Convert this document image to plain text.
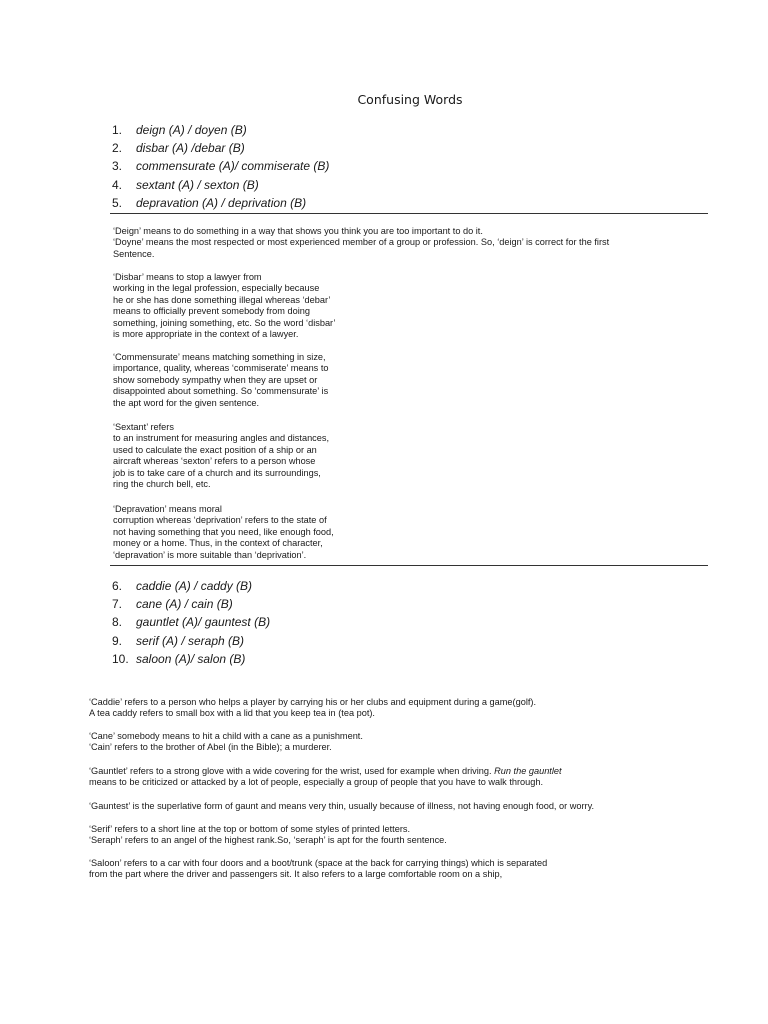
Confusing Words
1. deign (A) / doyen (B)
2. disbar (A) /debar (B)
3. commensurate (A)/ commiserate (B)
4. sextant (A) / sexton (B)
5. depravation (A) / deprivation (B)
‘Deign’ means to do something in a way that shows you think you are too important to do it.
‘Doyne’ means the most respected or most experienced member of a group or profession. So, ‘deign’ is correct for the first
Sentence.
‘Disbar’ means to stop a lawyer from
working in the legal profession, especially because
he or she has done something illegal whereas ‘debar’
means to officially prevent somebody from doing
something, joining something, etc. So the word ‘disbar’
is more appropriate in the context of a lawyer.
‘Commensurate’ means matching something in size,
importance, quality, whereas ‘commiserate’ means to
show somebody sympathy when they are upset or
disappointed about something. So ‘commensurate’ is
the apt word for the given sentence.
‘Sextant’ refers
to an instrument for measuring angles and distances,
used to calculate the exact position of a ship or an
aircraft whereas ‘sexton’ refers to a person whose
job is to take care of a church and its surroundings,
ring the church bell, etc.
‘Depravation’ means moral
corruption whereas ‘deprivation’ refers to the state of
not having something that you need, like enough food,
money or a home. Thus, in the context of character,
‘depravation’ is more suitable than ‘deprivation’.
6. caddie (A) / caddy (B)
7. cane (A) / cain (B)
8. gauntlet (A)/ gauntest (B)
9. serif (A) / seraph (B)
10. saloon (A)/ salon (B)
‘Caddie’ refers to a person who helps a player by carrying his or her clubs and equipment during a game(golf).
A tea caddy refers to small box with a lid that you keep tea in (tea pot).
‘Cane’ somebody means to hit a child with a cane as a punishment.
‘Cain’ refers to the brother of Abel (in the Bible); a murderer.
‘Gauntlet’ refers to a strong glove with a wide covering for the wrist, used for example when driving. Run the gauntlet
means to be criticized or attacked by a lot of people, especially a group of people that you have to walk through.
‘Gauntest’ is the superlative form of gaunt and means very thin, usually because of illness, not having enough food, or worry.
‘Serif’ refers to a short line at the top or bottom of some styles of printed letters.
‘Seraph’ refers to an angel of the highest rank.So, ‘seraph’ is apt for the fourth sentence.
‘Saloon’ refers to a car with four doors and a boot/trunk (space at the back for carrying things) which is separated
from the part where the driver and passengers sit. It also refers to a large comfortable room on a ship,
